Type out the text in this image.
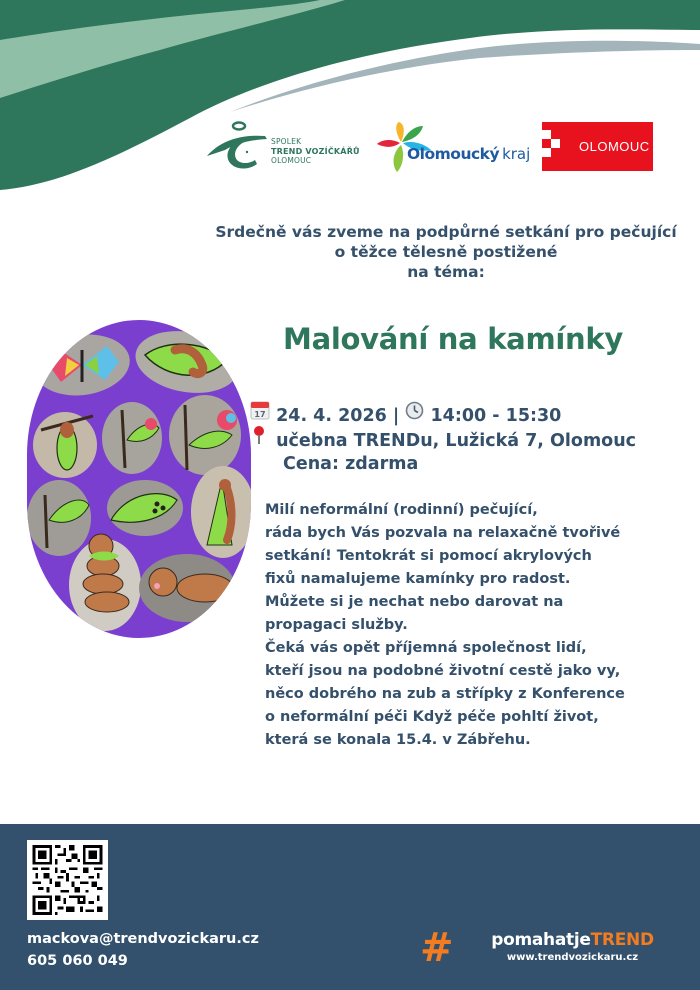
SPOLEK
TREND VOZÍČKÁŘŮ
OLOMOUC	Olomoucký kraj	OLOMOUC
Srdečně vás zveme na podpůrné setkání pro pečující
o těžce tělesně postižené
na téma:
Malování na kamínky
17 24. 4. 2026 | 14:00 - 15:30
učebna TRENDu, Lužická 7, Olomouc
Cena: zdarma

Milí neformální (rodinní) pečující,

ráda bych Vás pozvala na relaxačně tvořivé

setkání! Tentokrát si pomocí akrylových

fixů namalujeme kamínky pro radost.

Můžete si je nechat nebo darovat na

propagaci služby.

Čeká vás opět příjemná společnost lidí,

kteří jsou na podobné životní cestě jako vy,

něco dobrého na zub a střípky z Konference

o neformální péči Když péče pohltí život,

která se konala 15.4. v Zábřehu.

mackova@trendvozickaru.cz
605 060 049	#	pomahatjeTREND
www.trendvozickaru.cz
